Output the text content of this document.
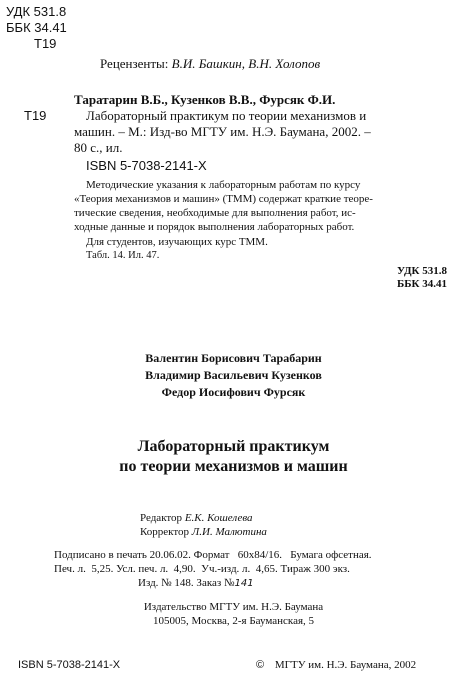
УДК 531.8
ББК 34.41
Т19
Рецензенты: В.И. Башкин, В.Н. Холопов
Т19
Таратарин В.Б., Кузенков В.В., Фурсяк Ф.И.
Лабораторный практикум по теории механизмов и
машин. – М.: Изд-во МГТУ им. Н.Э. Баумана, 2002. –
80 с., ил.
ISBN 5-7038-2141-X
Методические указания к лабораторным работам по курсу
«Теория механизмов и машин» (ТММ) содержат краткие теоре-
тические сведения, необходимые для выполнения работ, ис-
ходные данные и порядок выполнения лабораторных работ.
Для студентов, изучающих курс ТММ.
Табл. 14. Ил. 47.
УДК 531.8
ББК 34.41
Валентин Борисович Тарабарин
Владимир Васильевич Кузенков
Федор Иосифович Фурсяк
Лабораторный практикум
по теории механизмов и машин
Редактор Е.К. Кошелева
Корректор Л.И. Малютина
Подписано в печать 20.06.02. Формат   60х84/16.   Бумага офсетная.
Печ. л.  5,25. Усл. печ. л.  4,90.  Уч.-изд. л.  4,65. Тираж 300 экз.
Изд. № 148. Заказ №141
Издательство МГТУ им. Н.Э. Баумана
105005, Москва, 2-я Бауманская, 5
ISBN 5-7038-2141-X	© МГТУ им. Н.Э. Баумана, 2002
